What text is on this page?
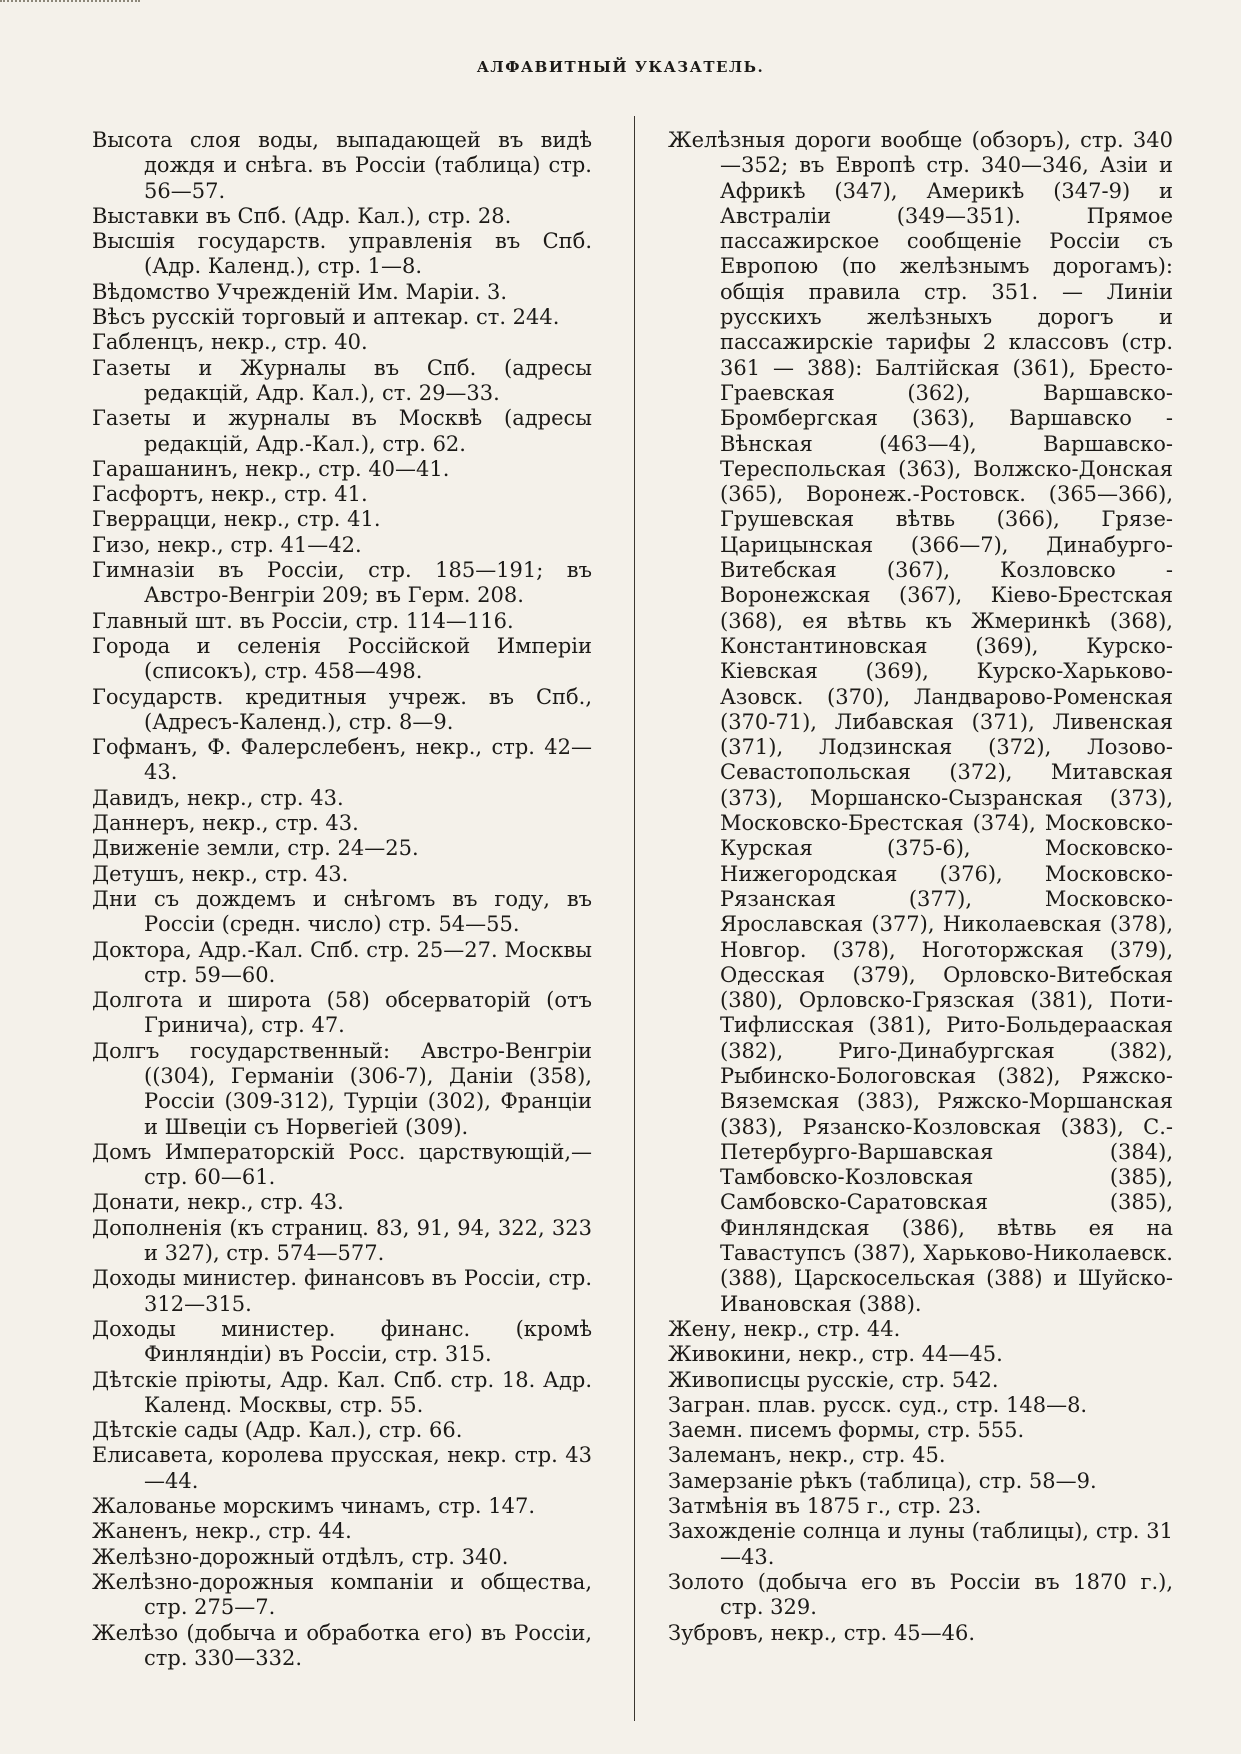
АЛФАВИТНЫЙ УКАЗАТЕЛЬ.
Высота слоя воды, выпадающей въ видѣ дождя и снѣга. въ Россіи (таблица) стр. 56—57.
Выставки въ Спб. (Адр. Кал.), стр. 28.
Высшія государств. управленія въ Спб. (Адр. Календ.), стр. 1—8.
Вѣдомство Учрежденій Им. Маріи. 3.
Вѣсъ русскій торговый и аптекар. ст. 244.
Габленцъ, некр., стр. 40.
Газеты и Журналы въ Спб. (адресы редакцій, Адр. Кал.), ст. 29—33.
Газеты и журналы въ Москвѣ (адресы редакцій, Адр.-Кал.), стр. 62.
Гарашанинъ, некр., стр. 40—41.
Гасфортъ, некр., стр. 41.
Гверрацци, некр., стр. 41.
Гизо, некр., стр. 41—42.
Гимназіи въ Россіи, стр. 185—191; въ Австро-Венгріи 209; въ Герм. 208.
Главный шт. въ Россіи, стр. 114—116.
Города и селенія Россійской Имперіи (списокъ), стр. 458—498.
Государств. кредитныя учреж. въ Спб., (Адресъ-Календ.), стр. 8—9.
Гофманъ, Ф. Фалерслебенъ, некр., стр. 42—43.
Давидъ, некр., стр. 43.
Даннеръ, некр., стр. 43.
Движеніе земли, стр. 24—25.
Детушъ, некр., стр. 43.
Дни съ дождемъ и снѣгомъ въ году, въ Россіи (средн. число) стр. 54—55.
Доктора, Адр.-Кал. Спб. стр. 25—27. Москвы стр. 59—60.
Долгота и широта (58) обсерваторій (отъ Гринича), стр. 47.
Долгъ государственный: Австро-Венгріи ((304), Германіи (306-7), Даніи (358), Россіи (309-312), Турціи (302), Франціи и Швеціи съ Норвегіей (309).
Домъ Императорскій Росс. царствующій,—стр. 60—61.
Донати, некр., стр. 43.
Дополненія (къ страниц. 83, 91, 94, 322, 323 и 327), стр. 574—577.
Доходы министер. финансовъ въ Россіи, стр. 312—315.
Доходы министер. финанс. (кромѣ Финляндіи) въ Россіи, стр. 315.
Дѣтскіе пріюты, Адр. Кал. Спб. стр. 18. Адр. Календ. Москвы, стр. 55.
Дѣтскіе сады (Адр. Кал.), стр. 66.
Елисавета, королева прусская, некр. стр. 43—44.
Жалованье морскимъ чинамъ, стр. 147.
Жаненъ, некр., стр. 44.
Желѣзно-дорожный отдѣлъ, стр. 340.
Желѣзно-дорожныя компаніи и общества, стр. 275—7.
Желѣзо (добыча и обработка его) въ Россіи, стр. 330—332.
Желѣзныя дороги вообще (обзоръ), стр. 340—352; въ Европѣ стр. 340—346, Азіи и Африкѣ (347), Америкѣ (347-9) и Австраліи (349—351). Прямое пассажирское сообщеніе Россіи съ Европою (по желѣзнымъ дорогамъ): общія правила стр. 351. — Линіи русскихъ желѣзныхъ дорогъ и пассажирскіе тарифы 2 классовъ (стр. 361 — 388): Балтійская (361), Бресто-Граевская (362), Варшавско-Бромбергская (363), Варшавско - Вѣнская (463—4), Варшавско-Тереспольская (363), Волжско-Донская (365), Воронеж.-Ростовск. (365—366), Грушевская вѣтвь (366), Грязе-Царицынская (366—7), Динабурго-Витебская (367), Козловско - Воронежская (367), Кіево-Брестская (368), ея вѣтвь къ Жмеринкѣ (368), Константиновская (369), Курско-Кіевская (369), Курско-Харьково-Азовск. (370), Ландварово-Роменская (370-71), Либавская (371), Ливенская (371), Лодзинская (372), Лозово-Севастопольская (372), Митавская (373), Моршанско-Сызранская (373), Московско-Брестская (374), Московско-Курская (375-6), Московско-Нижегородская (376), Московско-Рязанская (377), Московско-Ярославская (377), Николаевская (378), Новгор. (378), Ноготоржская (379), Одесская (379), Орловско-Витебская (380), Орловско-Грязская (381), Поти-Тифлисская (381), Рито-Больдерааская (382), Риго-Динабургская (382), Рыбинско-Бологовская (382), Ряжско-Вяземская (383), Ряжско-Моршанская (383), Рязанско-Козловская (383), С.-Петербурго-Варшавская (384), Тамбовско-Козловская (385), Самбовско-Саратовская (385), Финляндская (386), вѣтвь ея на Таваступсъ (387), Харьково-Николаевск. (388), Царскосельская (388) и Шуйско-Ивановская (388).
Жену, некр., стр. 44.
Живокини, некр., стр. 44—45.
Живописцы русскіе, стр. 542.
Загран. плав. русск. суд., стр. 148—8.
Заемн. писемъ формы, стр. 555.
Залеманъ, некр., стр. 45.
Замерзаніе рѣкъ (таблица), стр. 58—9.
Затмѣнія въ 1875 г., стр. 23.
Захожденіе солнца и луны (таблицы), стр. 31—43.
Золото (добыча его въ Россіи въ 1870 г.), стр. 329.
Зубровъ, некр., стр. 45—46.
